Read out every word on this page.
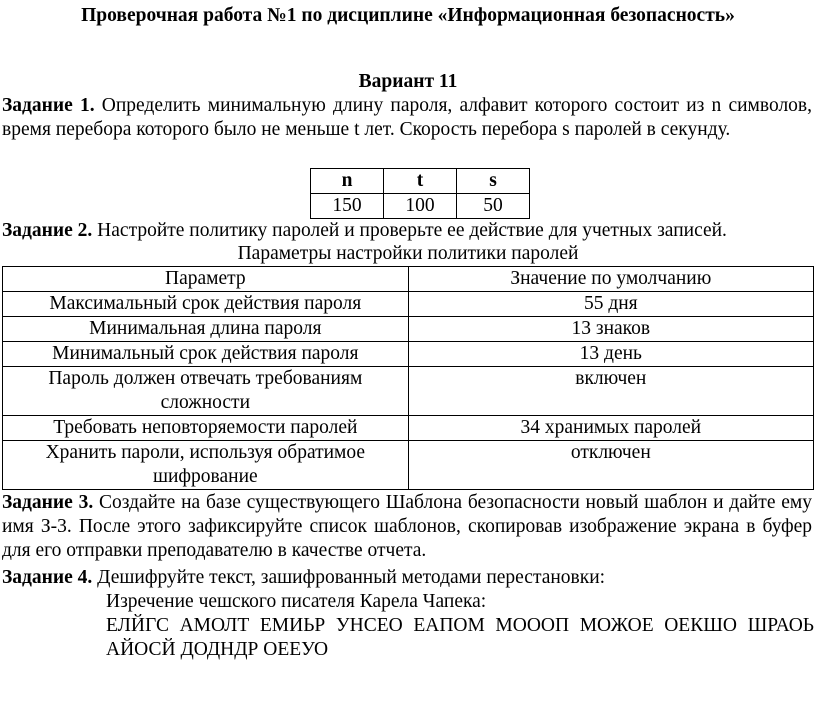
Проверочная работа №1 по дисциплине «Информационная безопасность»
Вариант 11
Задание 1. Определить минимальную длину пароля, алфавит которого состоит из n символов, время перебора которого было не меньше t лет. Скорость перебора s паролей в секунду.
n	t	s
150	100	50
Задание 2. Настройте политику паролей и проверьте ее действие для учетных записей.
Параметры настройки политики паролей
Параметр	Значение по умолчанию
Максимальный срок действия пароля	55 дня
Минимальная длина пароля	13 знаков
Минимальный срок действия пароля	13 день
Пароль должен отвечать требованиям сложности	включен
Требовать неповторяемости паролей	34 хранимых паролей
Хранить пароли, используя обратимое шифрование	отключен
Задание 3. Создайте на базе существующего Шаблона безопасности новый шаблон и дайте ему имя З-3. После этого зафиксируйте список шаблонов, скопировав изображение экрана в буфер для его отправки преподавателю в качестве отчета.
Задание 4. Дешифруйте текст, зашифрованный методами перестановки:
Изречение чешского писателя Карела Чапека:
ЕЛЙГС АМОЛТ ЕМИЬР УНСЕО ЕАПОМ МОООП МОЖОЕ ОЕКШО ШРАОЬ АЙОСЙ ДОДНДР ОЕЕУО
